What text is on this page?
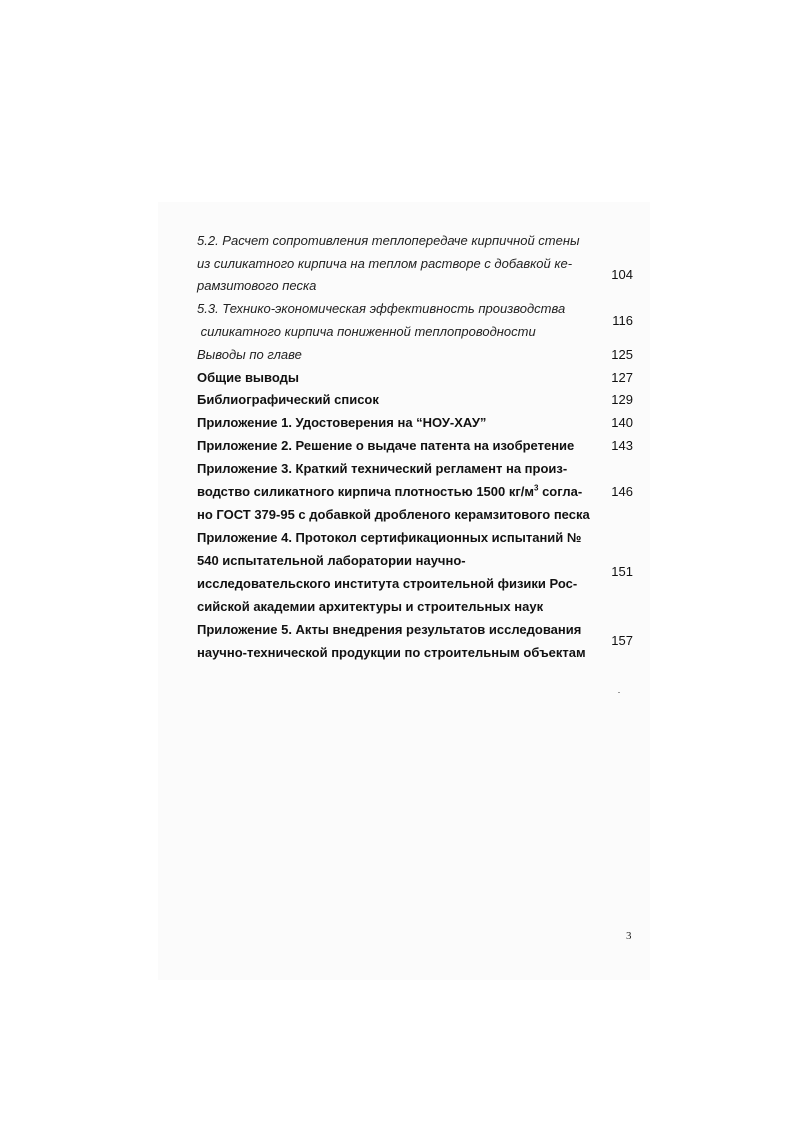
5.2. Расчет сопротивления теплопередаче кирпичной стены
из силикатного кирпича на теплом растворе с добавкой ке-
рамзитового песка
104
5.3. Технико-экономическая эффективность производства
силикатного кирпича пониженной теплопроводности
116
Выводы по главе	125
Общие выводы	127
Библиографический список	129
Приложение 1. Удостоверения на “НОУ-ХАУ”	140
Приложение 2. Решение о выдаче патента на изобретение	143
Приложение 3. Краткий технический регламент на произ-
водство силикатного кирпича плотностью 1500 $кг/м^3$ согла-
но ГОСТ 379-95 с добавкой дробленого керамзитового песка
146
Приложение 4. Протокол сертификационных испытаний №
540 испытательной лаборатории научно-
исследовательского института строительной физики Рос-
сийской академии архитектуры и строительных наук
151
Приложение 5. Акты внедрения результатов исследования
научно-технической продукции по строительным объектам
157
3
